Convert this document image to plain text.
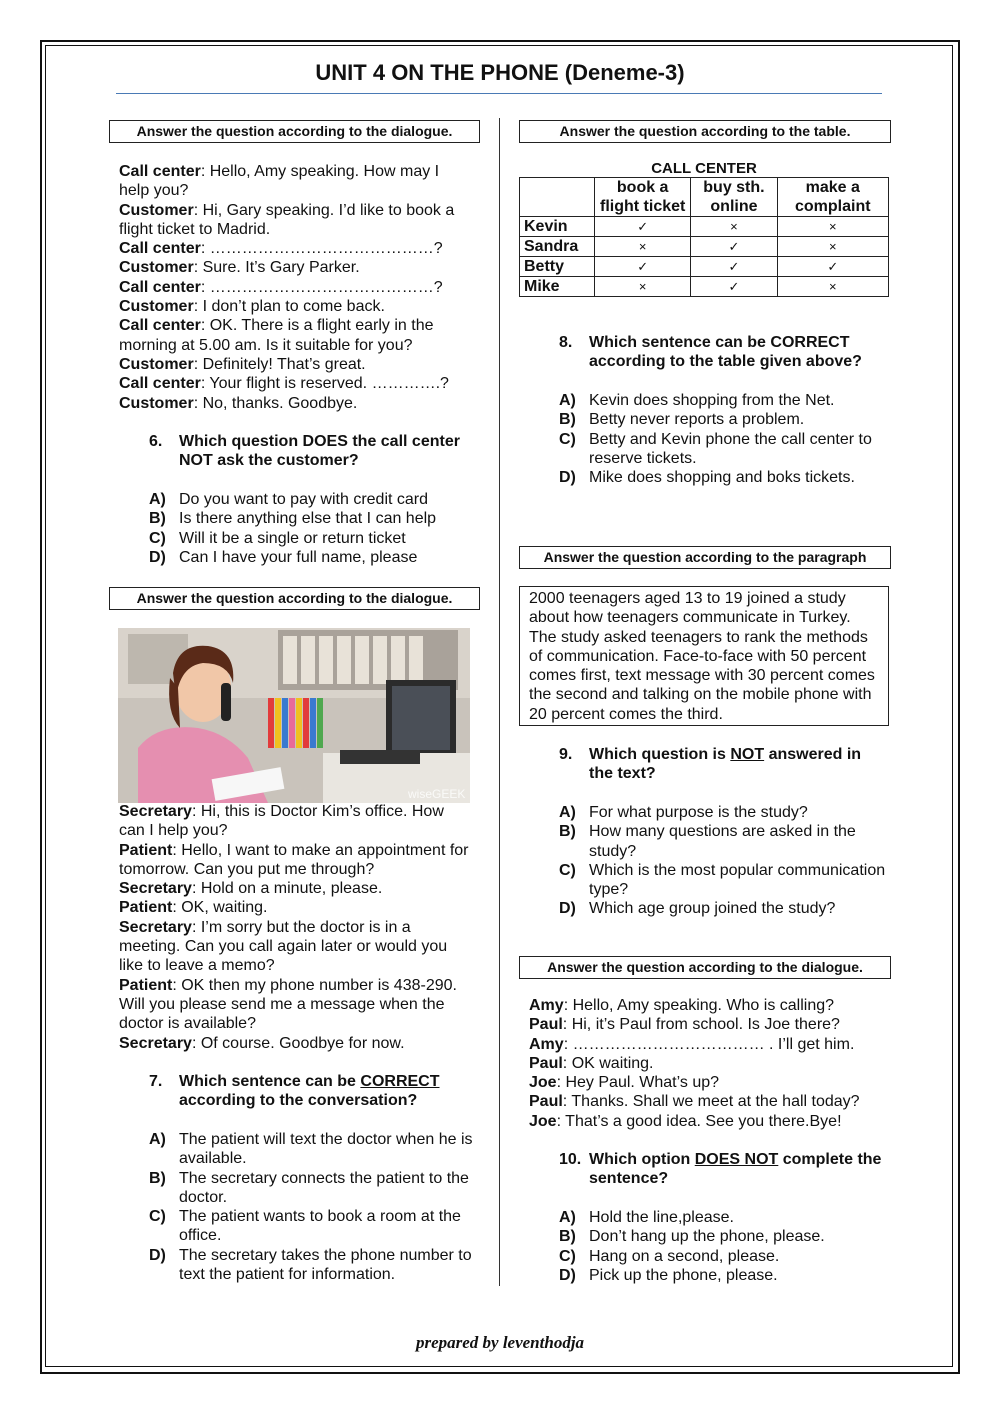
UNIT 4 ON THE PHONE (Deneme-3)
Answer the question according to the dialogue.

Call center: Hello, Amy speaking. How may I help you?

Customer: Hi, Gary speaking. I’d like to book a flight ticket to Madrid.

Call center: ……………………………………?

Customer: Sure. It’s Gary Parker.

Call center: ……………………………………?

Customer: I don’t plan to come back.

Call center: OK. There is a flight early in the morning at 5.00 am. Is it suitable for you?

Customer: Definitely! That’s great.

Call center: Your flight is reserved. ………….?

Customer: No, thanks. Goodbye.

6. Which question DOES the call center NOT ask the customer?
A) Do you want to pay with credit card
B) Is there anything else that I can help
C) Will it be a single or return ticket
D) Can I have your full name, please
Answer the question according to the dialogue.
wiseGEEK

Secretary: Hi, this is Doctor Kim’s office. How can I help you?

Patient: Hello, I want to make an appointment for tomorrow. Can you put me through?

Secretary: Hold on a minute, please.

Patient: OK, waiting.

Secretary: I’m sorry but the doctor is in a meeting. Can you call again later or would you like to leave a memo?

Patient: OK then my phone number is 438-290. Will you please send me a message when the doctor is available?

Secretary: Of course. Goodbye for now.

7. Which sentence can be CORRECT according to the conversation?
A) The patient will text the doctor when he is available.
B) The secretary connects the patient to the doctor.
C) The patient wants to book a room at the office.
D) The secretary takes the phone number to text the patient for information.
Answer the question according to the table.
CALL CENTER
	book a flight ticket	buy sth. online	make a complaint
Kevin	✓	×	×
Sandra	×	✓	×
Betty	✓	✓	✓
Mike	×	✓	×
8. Which sentence can be CORRECT according to the table given above?
A) Kevin does shopping from the Net.
B) Betty never reports a problem.
C) Betty and Kevin phone the call center to reserve tickets.
D) Mike does shopping and boks tickets.
Answer the question according to the paragraph
2000 teenagers aged 13 to 19 joined a study about how teenagers communicate in Turkey. The study asked teenagers to rank the methods of communication. Face-to-face with 50 percent comes first, text message with 30 percent comes the second and talking on the mobile phone with 20 percent comes the third.
9. Which question is NOT answered in the text?
A) For what purpose is the study?
B) How many questions are asked in the study?
C) Which is the most popular communication type?
D) Which age group joined the study?
Answer the question according to the dialogue.

Amy: Hello, Amy speaking. Who is calling?

Paul: Hi, it’s Paul from school. Is Joe there?

Amy: ……………………………… . I’ll get him.

Paul: OK waiting.

Joe: Hey Paul. What’s up?

Paul: Thanks. Shall we meet at the hall today?

Joe: That’s a good idea. See you there.Bye!

10. Which option DOES NOT complete the sentence?
A) Hold the line,please.
B) Don’t hang up the phone, please.
C) Hang on a second, please.
D) Pick up the phone, please.
prepared by leventhodja
